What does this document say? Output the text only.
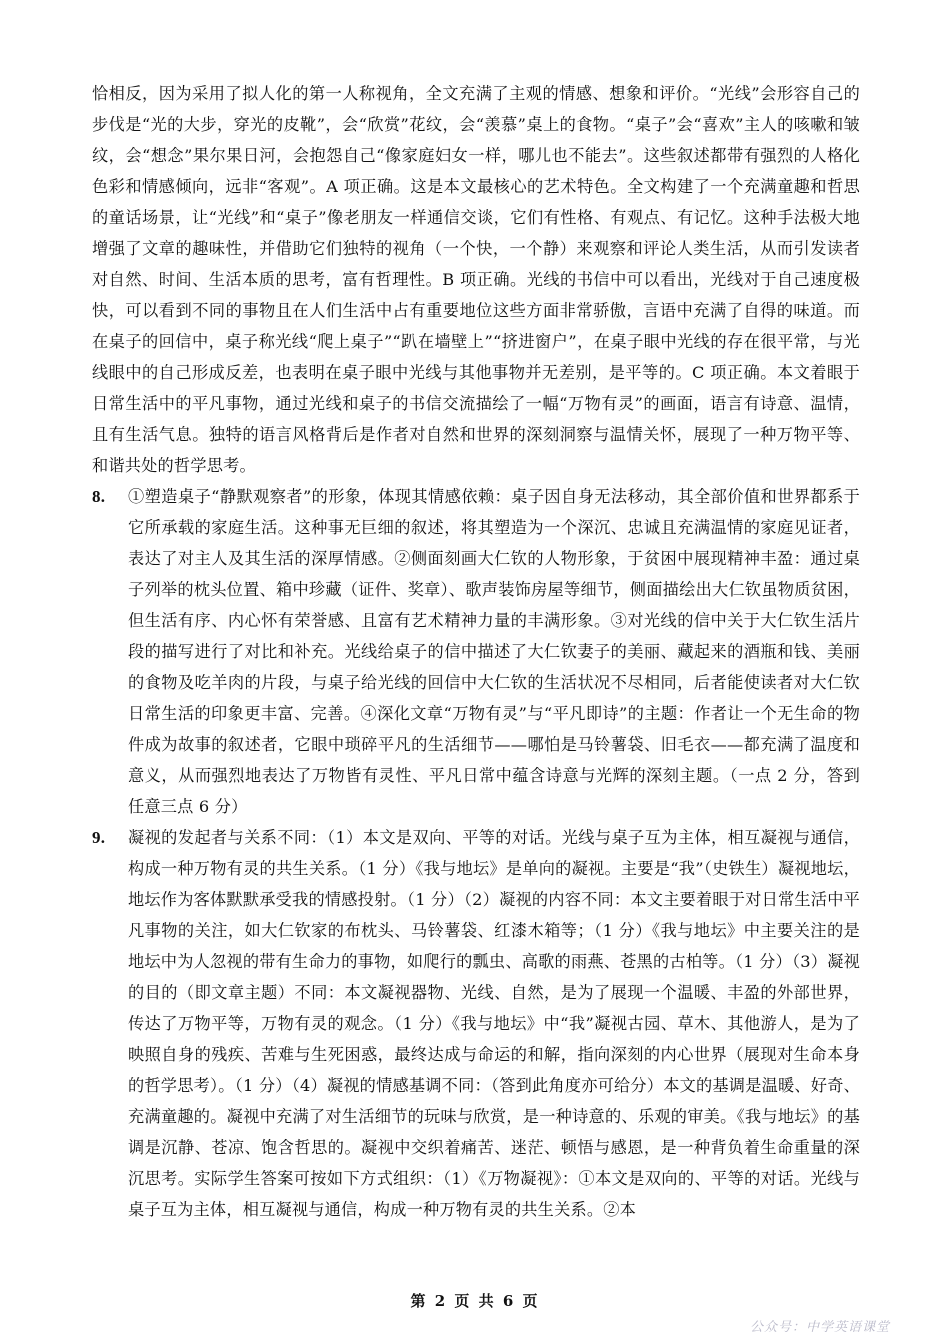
恰相反，因为采用了拟人化的第一人称视角，全文充满了主观的情感、想象和评价。“光线”会形容自己的步伐是“光的大步，穿光的皮靴”，会“欣赏”花纹，会“羡慕”桌上的食物。“桌子”会“喜欢”主人的咳嗽和皱纹，会“想念”果尔果日河，会抱怨自己“像家庭妇女一样，哪儿也不能去”。这些叙述都带有强烈的人格化色彩和情感倾向，远非“客观”。A 项正确。这是本文最核心的艺术特色。全文构建了一个充满童趣和哲思的童话场景，让“光线”和“桌子”像老朋友一样通信交谈，它们有性格、有观点、有记忆。这种手法极大地增强了文章的趣味性，并借助它们独特的视角（一个快，一个静）来观察和评论人类生活，从而引发读者对自然、时间、生活本质的思考，富有哲理性。B 项正确。光线的书信中可以看出，光线对于自己速度极快，可以看到不同的事物且在人们生活中占有重要地位这些方面非常骄傲，言语中充满了自得的味道。而在桌子的回信中，桌子称光线“爬上桌子”“趴在墙壁上”“挤进窗户”，在桌子眼中光线的存在很平常，与光线眼中的自己形成反差，也表明在桌子眼中光线与其他事物并无差别，是平等的。C 项正确。本文着眼于日常生活中的平凡事物，通过光线和桌子的书信交流描绘了一幅“万物有灵”的画面，语言有诗意、温情，且有生活气息。独特的语言风格背后是作者对自然和世界的深刻洞察与温情关怀，展现了一种万物平等、和谐共处的哲学思考。

8. ①塑造桌子“静默观察者”的形象，体现其情感依赖：桌子因自身无法移动，其全部价值和世界都系于它所承载的家庭生活。这种事无巨细的叙述，将其塑造为一个深沉、忠诚且充满温情的家庭见证者，表达了对主人及其生活的深厚情感。②侧面刻画大仁钦的人物形象，于贫困中展现精神丰盈：通过桌子列举的枕头位置、箱中珍藏（证件、奖章）、歌声装饰房屋等细节，侧面描绘出大仁钦虽物质贫困，但生活有序、内心怀有荣誉感、且富有艺术精神力量的丰满形象。③对光线的信中关于大仁钦生活片段的描写进行了对比和补充。光线给桌子的信中描述了大仁钦妻子的美丽、藏起来的酒瓶和钱、美丽的食物及吃羊肉的片段，与桌子给光线的回信中大仁钦的生活状况不尽相同，后者能使读者对大仁钦日常生活的印象更丰富、完善。④深化文章“万物有灵”与“平凡即诗”的主题：作者让一个无生命的物件成为故事的叙述者，它眼中琐碎平凡的生活细节——哪怕是马铃薯袋、旧毛衣——都充满了温度和意义，从而强烈地表达了万物皆有灵性、平凡日常中蕴含诗意与光辉的深刻主题。（一点 2 分，答到任意三点 6 分）
9. 凝视的发起者与关系不同：（1）本文是双向、平等的对话。光线与桌子互为主体，相互凝视与通信，构成一种万物有灵的共生关系。（1 分）《我与地坛》是单向的凝视。主要是“我”（史铁生）凝视地坛，地坛作为客体默默承受我的情感投射。（1 分）（2）凝视的内容不同：本文主要着眼于对日常生活中平凡事物的关注，如大仁钦家的布枕头、马铃薯袋、红漆木箱等；（1 分）《我与地坛》中主要关注的是地坛中为人忽视的带有生命力的事物，如爬行的瓢虫、高歌的雨燕、苍黑的古柏等。（1 分）（3）凝视的目的（即文章主题）不同：本文凝视器物、光线、自然，是为了展现一个温暖、丰盈的外部世界，传达了万物平等，万物有灵的观念。（1 分）《我与地坛》中“我”凝视古园、草木、其他游人，是为了映照自身的残疾、苦难与生死困惑，最终达成与命运的和解，指向深刻的内心世界（展现对生命本身的哲学思考）。（1 分）（4）凝视的情感基调不同：（答到此角度亦可给分）本文的基调是温暖、好奇、充满童趣的。凝视中充满了对生活细节的玩味与欣赏，是一种诗意的、乐观的审美。《我与地坛》的基调是沉静、苍凉、饱含哲思的。凝视中交织着痛苦、迷茫、顿悟与感恩，是一种背负着生命重量的深沉思考。实际学生答案可按如下方式组织：（1）《万物凝视》：①本文是双向的、平等的对话。光线与桌子互为主体，相互凝视与通信，构成一种万物有灵的共生关系。②本
第 2 页 共 6 页
公众号：中学英语课堂
